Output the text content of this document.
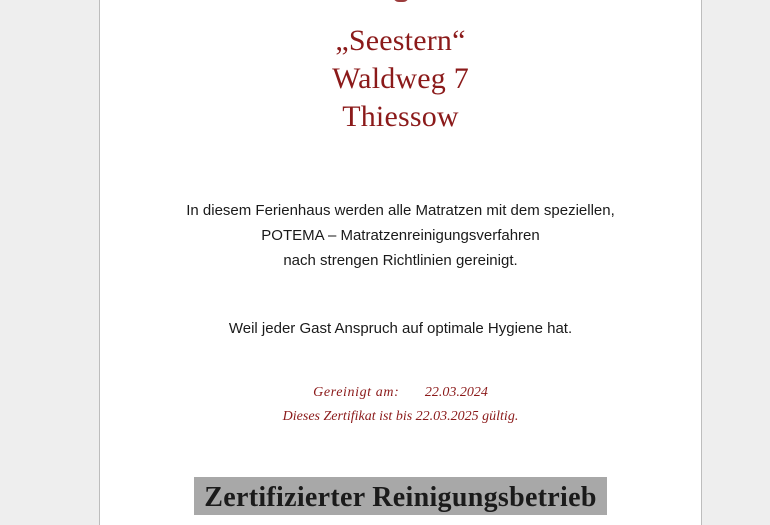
„Seestern“
Waldweg 7
Thiessow
In diesem Ferienhaus werden alle Matratzen mit dem speziellen,
POTEMA – Matratzenreinigungsverfahren
nach strengen Richtlinien gereinigt.
Weil jeder Gast Anspruch auf optimale Hygiene hat.
Gereinigt am: 22.03.2024
Dieses Zertifikat ist bis 22.03.2025 gültig.
Zertifizierter Reinigungsbetrieb
